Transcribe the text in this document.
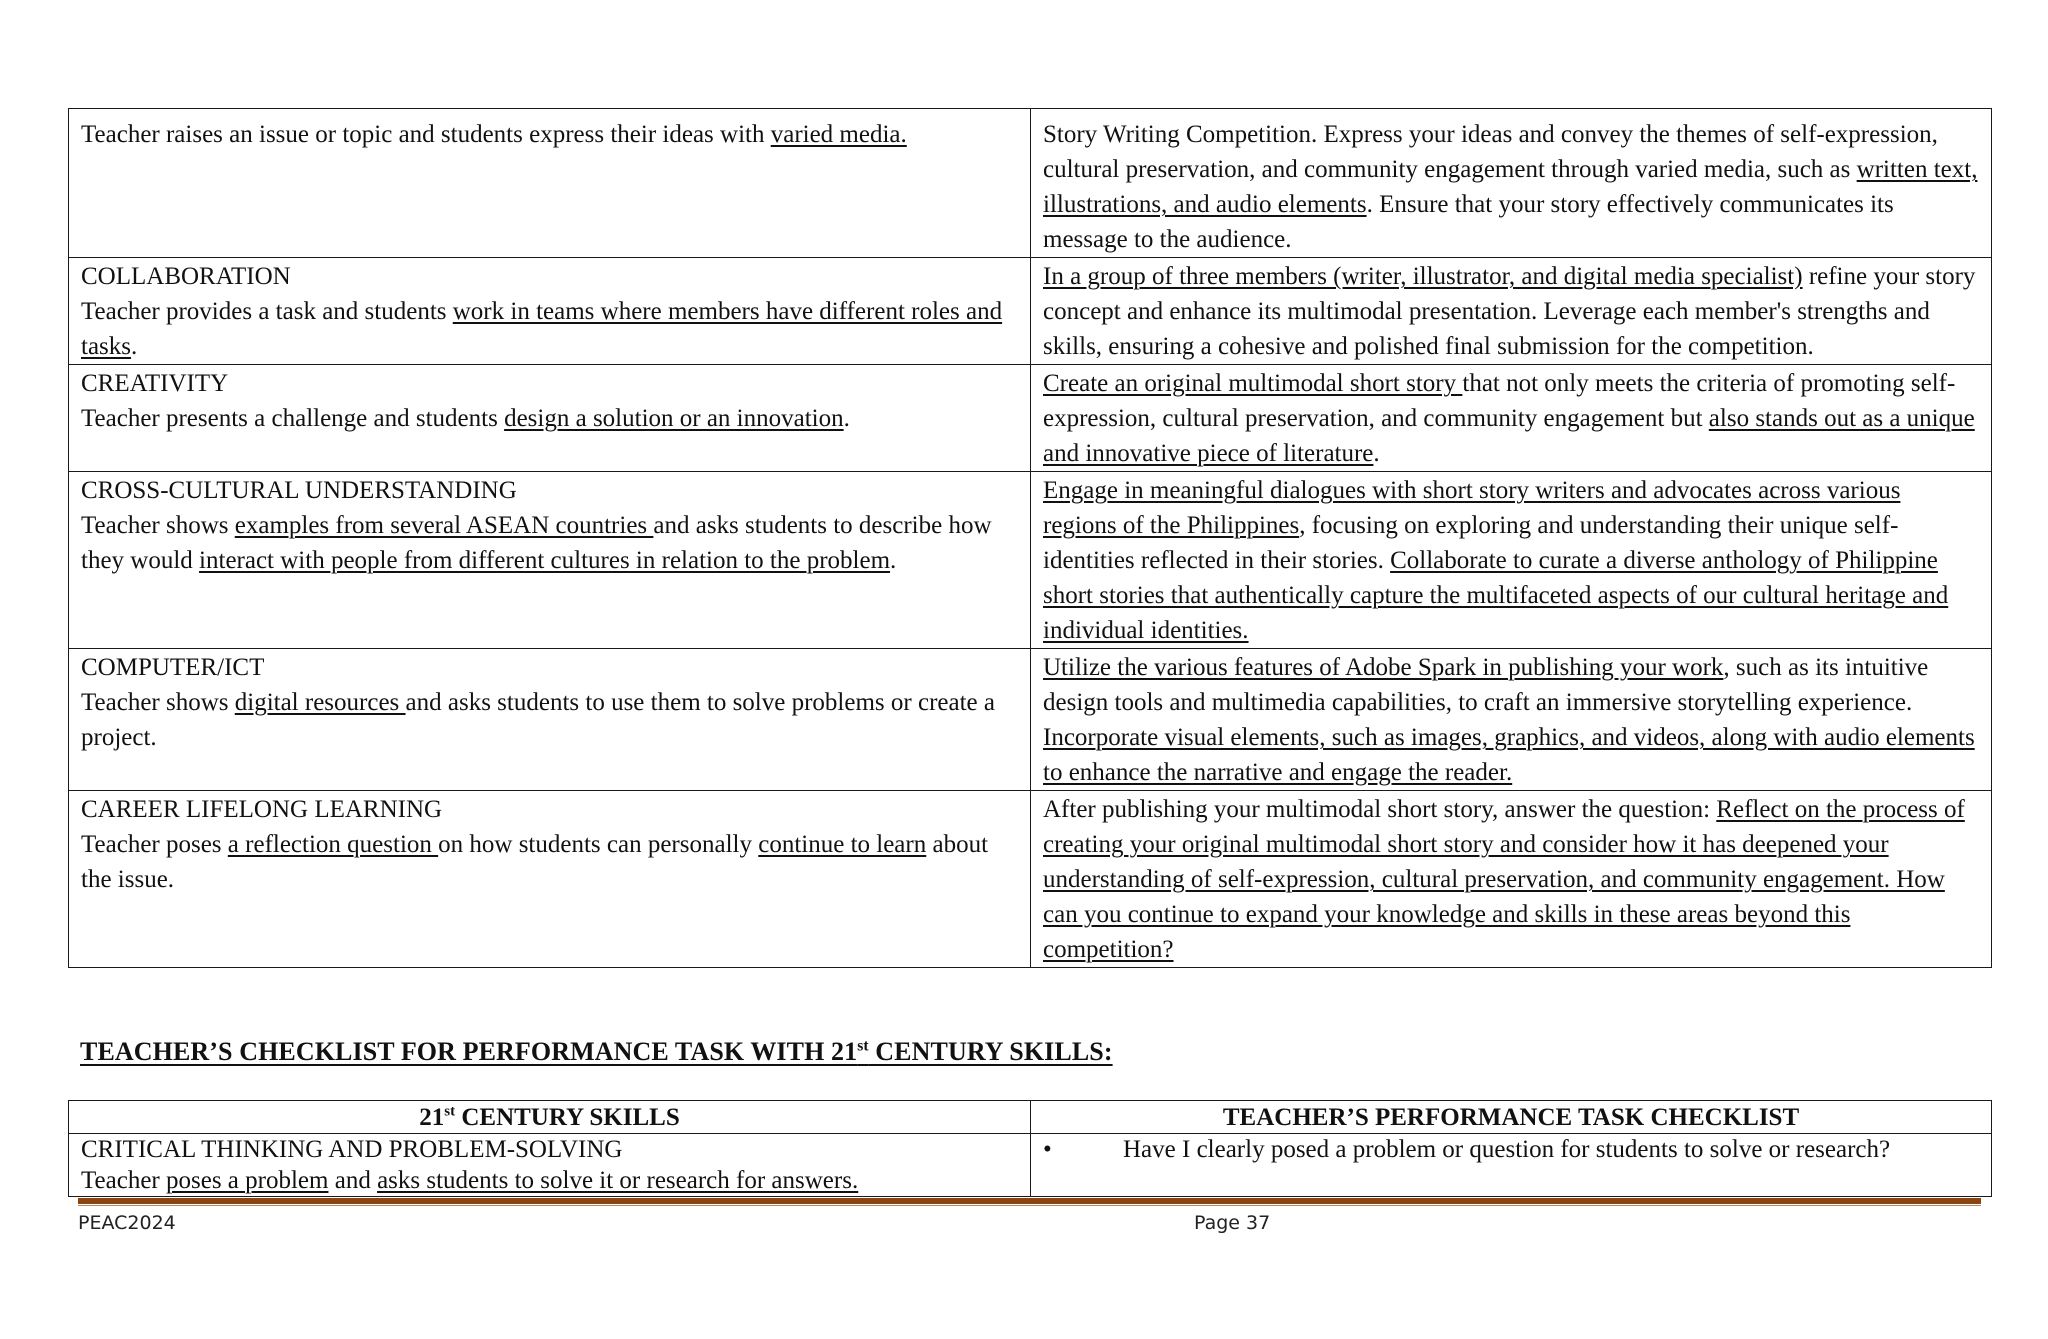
Teacher raises an issue or topic and students express their ideas with varied media.	Story Writing Competition. Express your ideas and convey the themes of self-expression, cultural preservation, and community engagement through varied media, such as written text, illustrations, and audio elements. Ensure that your story effectively communicates its message to the audience.

COLLABORATION
Teacher provides a task and students work in teams where members have different roles and tasks.	In a group of three members (writer, illustrator, and digital media specialist) refine your story concept and enhance its multimodal presentation. Leverage each member's strengths and skills, ensuring a cohesive and polished final submission for the competition.

CREATIVITY
Teacher presents a challenge and students design a solution or an innovation.	Create an original multimodal short story that not only meets the criteria of promoting self-expression, cultural preservation, and community engagement but also stands out as a unique and innovative piece of literature.

CROSS-CULTURAL UNDERSTANDING
Teacher shows examples from several ASEAN countries and asks students to describe how they would interact with people from different cultures in relation to the problem.	Engage in meaningful dialogues with short story writers and advocates across various regions of the Philippines, focusing on exploring and understanding their unique self-identities reflected in their stories. Collaborate to curate a diverse anthology of Philippine short stories that authentically capture the multifaceted aspects of our cultural heritage and individual identities.

COMPUTER/ICT
Teacher shows digital resources and asks students to use them to solve problems or create a project.	Utilize the various features of Adobe Spark in publishing your work, such as its intuitive design tools and multimedia capabilities, to craft an immersive storytelling experience. Incorporate visual elements, such as images, graphics, and videos, along with audio elements to enhance the narrative and engage the reader.

CAREER LIFELONG LEARNING
Teacher poses a reflection question on how students can personally continue to learn about the issue.	After publishing your multimodal short story, answer the question: Reflect on the process of creating your original multimodal short story and consider how it has deepened your understanding of self-expression, cultural preservation, and community engagement. How can you continue to expand your knowledge and skills in these areas beyond this competition?
TEACHER’S CHECKLIST FOR PERFORMANCE TASK WITH 21st CENTURY SKILLS:
21st CENTURY SKILLS	TEACHER’S PERFORMANCE TASK CHECKLIST

CRITICAL THINKING AND PROBLEM-SOLVING
Teacher poses a problem and asks students to solve it or research for answers.	• Have I clearly posed a problem or question for students to solve or research?
PEAC2024	Page 37
